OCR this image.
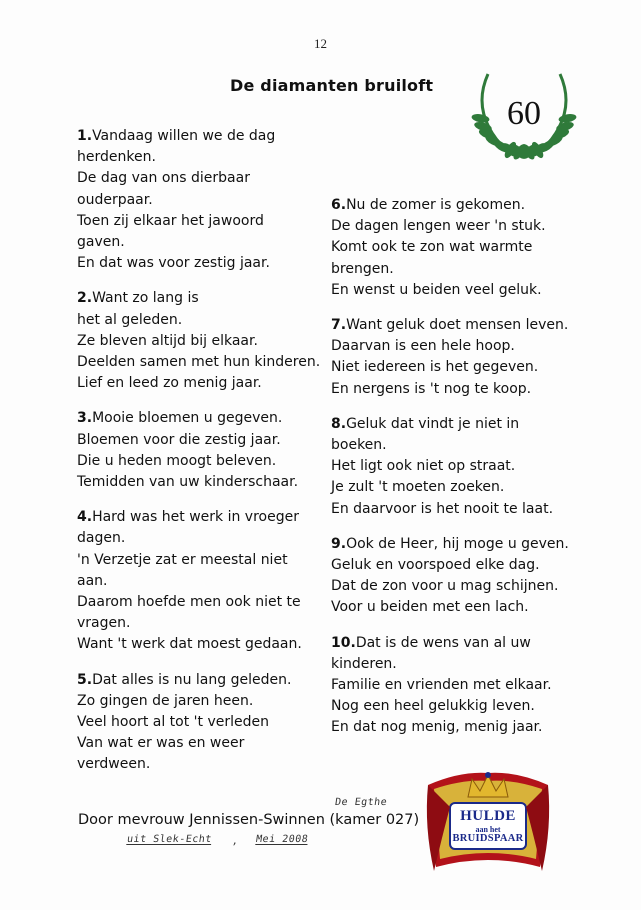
12
De diamanten bruiloft
60
1.Vandaag willen we de dag
herdenken.
De dag van ons dierbaar
ouderpaar.
Toen zij elkaar het jawoord
gaven.
En dat was voor zestig jaar.
2.Want zo lang is
het al geleden.
Ze bleven altijd bij elkaar.
Deelden samen met hun kinderen.
Lief en leed zo menig jaar.
3.Mooie bloemen u gegeven.
Bloemen voor die zestig jaar.
Die u heden moogt beleven.
Temidden van uw kinderschaar.
4.Hard was het werk in vroeger
dagen.
'n Verzetje zat er meestal niet
aan.
Daarom hoefde men ook niet te
vragen.
Want 't werk dat moest gedaan.
5.Dat alles is nu lang geleden.
Zo gingen de jaren heen.
Veel hoort al tot 't verleden
Van wat er was en weer
verdween.
6.Nu de zomer is gekomen.
De dagen lengen weer 'n stuk.
Komt ook te zon wat warmte
brengen.
En wenst u beiden veel geluk.
7.Want geluk doet mensen leven.
Daarvan is een hele hoop.
Niet iedereen is het gegeven.
En nergens is 't nog te koop.
8.Geluk dat vindt je niet in
boeken.
Het ligt ook niet op straat.
Je zult 't moeten zoeken.
En daarvoor is het nooit te laat.
9.Ook de Heer, hij moge u geven.
Geluk en voorspoed elke dag.
Dat de zon voor u mag schijnen.
Voor u beiden met een lach.
10.Dat is de wens van al uw
kinderen.
Familie en vrienden met elkaar.
Nog een heel gelukkig leven.
En dat nog menig, menig jaar.
Door mevrouw Jennissen-Swinnen (kamer 027)
De Egthe
uit Slek-Echt , Mei 2008
HULDE
aan het
BRUIDSPAAR
